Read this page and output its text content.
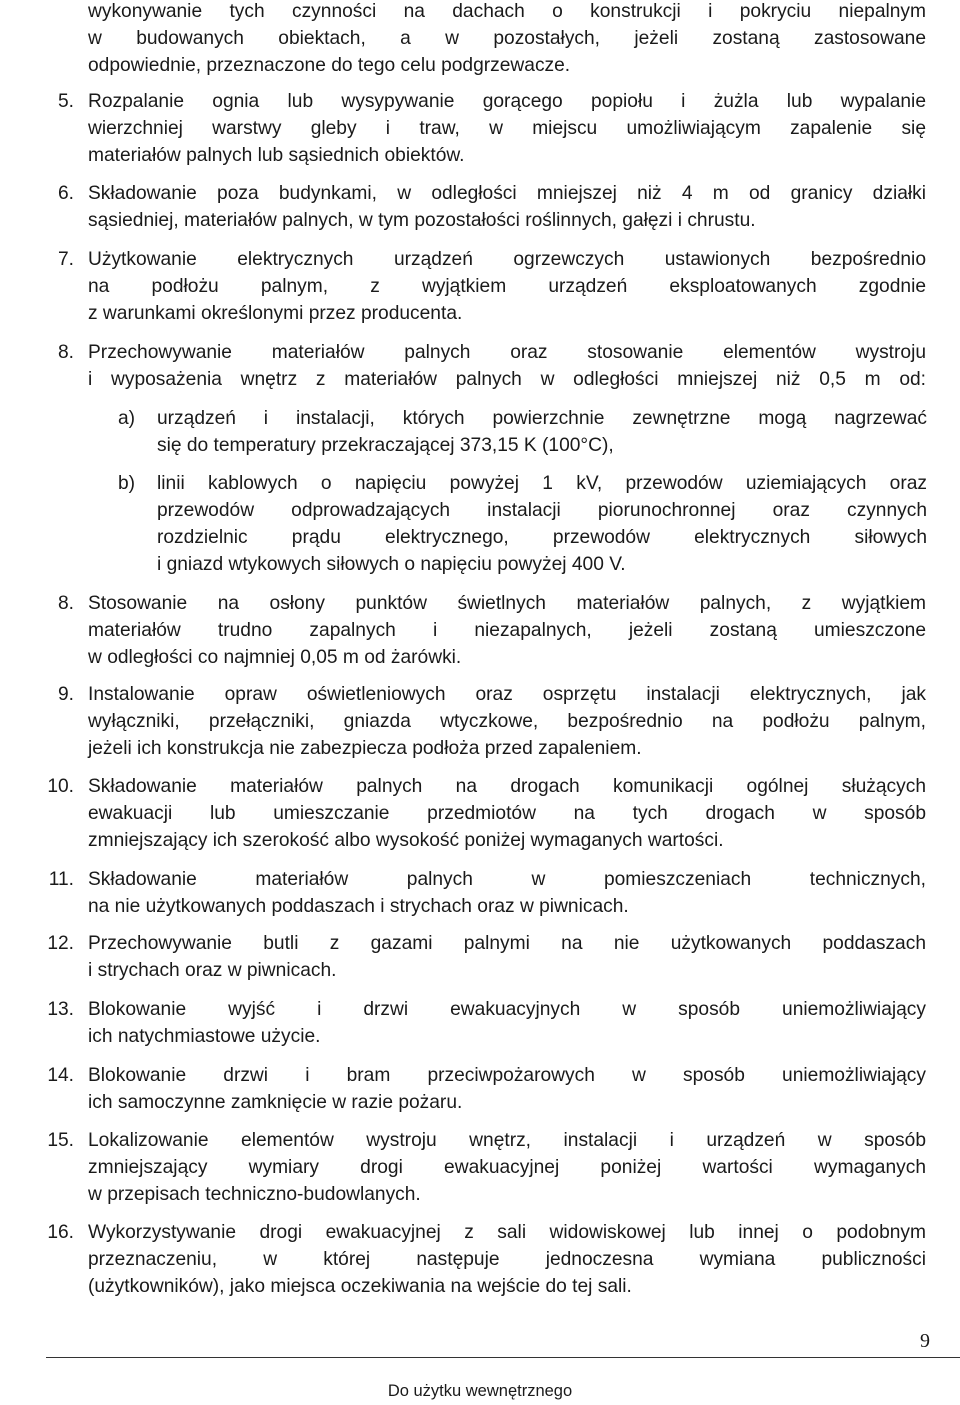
wykonywanie tych czynności na dachach o konstrukcji i pokryciu niepalnym
w budowanych obiektach, a w pozostałych, jeżeli zostaną zastosowane
odpowiednie, przeznaczone do tego celu podgrzewacze.
5. Rozpalanie ognia lub wysypywanie gorącego popiołu i żużla lub wypalanie
wierzchniej warstwy gleby i traw, w miejscu umożliwiającym zapalenie się
materiałów palnych lub sąsiednich obiektów.
6. Składowanie poza budynkami, w odległości mniejszej niż 4 m od granicy działki
sąsiedniej, materiałów palnych, w tym pozostałości roślinnych, gałęzi i chrustu.
7. Użytkowanie elektrycznych urządzeń ogrzewczych ustawionych bezpośrednio
na podłożu palnym, z wyjątkiem urządzeń eksploatowanych zgodnie
z warunkami określonymi przez producenta.
8. Przechowywanie materiałów palnych oraz stosowanie elementów wystroju
i wyposażenia wnętrz z materiałów palnych w odległości mniejszej niż 0,5 m od:
a) urządzeń i instalacji, których powierzchnie zewnętrzne mogą nagrzewać
się do temperatury przekraczającej 373,15 K (100°C),
b) linii kablowych o napięciu powyżej 1 kV, przewodów uziemiających oraz
przewodów odprowadzających instalacji piorunochronnej oraz czynnych
rozdzielnic prądu elektrycznego, przewodów elektrycznych siłowych
i gniazd wtykowych siłowych o napięciu powyżej 400 V.
8. Stosowanie na osłony punktów świetlnych materiałów palnych, z wyjątkiem
materiałów trudno zapalnych i niezapalnych, jeżeli zostaną umieszczone
w odległości co najmniej 0,05 m od żarówki.
9. Instalowanie opraw oświetleniowych oraz osprzętu instalacji elektrycznych, jak
wyłączniki, przełączniki, gniazda wtyczkowe, bezpośrednio na podłożu palnym,
jeżeli ich konstrukcja nie zabezpiecza podłoża przed zapaleniem.
10. Składowanie materiałów palnych na drogach komunikacji ogólnej służących
ewakuacji lub umieszczanie przedmiotów na tych drogach w sposób
zmniejszający ich szerokość albo wysokość poniżej wymaganych wartości.
11. Składowanie materiałów palnych w pomieszczeniach technicznych,
na nie użytkowanych poddaszach i strychach oraz w piwnicach.
12. Przechowywanie butli z gazami palnymi na nie użytkowanych poddaszach
i strychach oraz w piwnicach.
13. Blokowanie wyjść i drzwi ewakuacyjnych w sposób uniemożliwiający
ich natychmiastowe użycie.
14. Blokowanie drzwi i bram przeciwpożarowych w sposób uniemożliwiający
ich samoczynne zamknięcie w razie pożaru.
15. Lokalizowanie elementów wystroju wnętrz, instalacji i urządzeń w sposób
zmniejszający wymiary drogi ewakuacyjnej poniżej wartości wymaganych
w przepisach techniczno-budowlanych.
16. Wykorzystywanie drogi ewakuacyjnej z sali widowiskowej lub innej o podobnym
przeznaczeniu, w której następuje jednoczesna wymiana publiczności
(użytkowników), jako miejsca oczekiwania na wejście do tej sali.
9
Do użytku wewnętrznego
